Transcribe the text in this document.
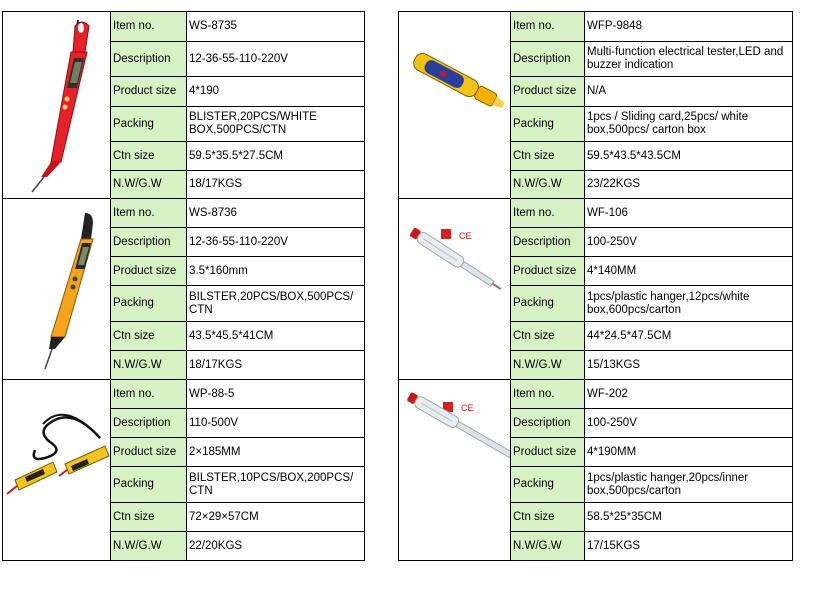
	Item no.	WS-8735
	Description	12-36-55-110-220V
	Product size	4*190
	Packing	BLISTER,20PCS/WHITE BOX,500PCS/CTN
	Ctn size	59.5*35.5*27.5CM
	N.W/G.W	18/17KGS

	Item no.	WS-8736
	Description	12-36-55-110-220V
	Product size	3.5*160mm
	Packing	BILSTER,20PCS/BOX,500PCS/ CTN
	Ctn size	43.5*45.5*41CM
	N.W/G.W	18/17KGS

	Item no.	WP-88-5
	Description	110-500V
	Product size	2×185MM
	Packing	BILSTER,10PCS/BOX,200PCS/ CTN
	Ctn size	72×29×57CM
	N.W/G.W	22/20KGS
	Item no.	WFP-9848
	Description	Multi-function electrical tester,LED and buzzer indication
	Product size	N/A
	Packing	1pcs / Sliding card,25pcs/ white box,500pcs/ carton box
	Ctn size	59.5*43.5*43.5CM
	N.W/G.W	23/22KGS

CE	Item no.	WF-106
	Description	100-250V
	Product size	4*140MM
	Packing	1pcs/plastic hanger,12pcs/white box,600pcs/carton
	Ctn size	44*24.5*47.5CM
	N.W/G.W	15/13KGS

CE	Item no.	WF-202
	Description	100-250V
	Product size	4*190MM
	Packing	1pcs/plastic hanger,20pcs/inner box,500pcs/carton
	Ctn size	58.5*25*35CM
	N.W/G.W	17/15KGS
